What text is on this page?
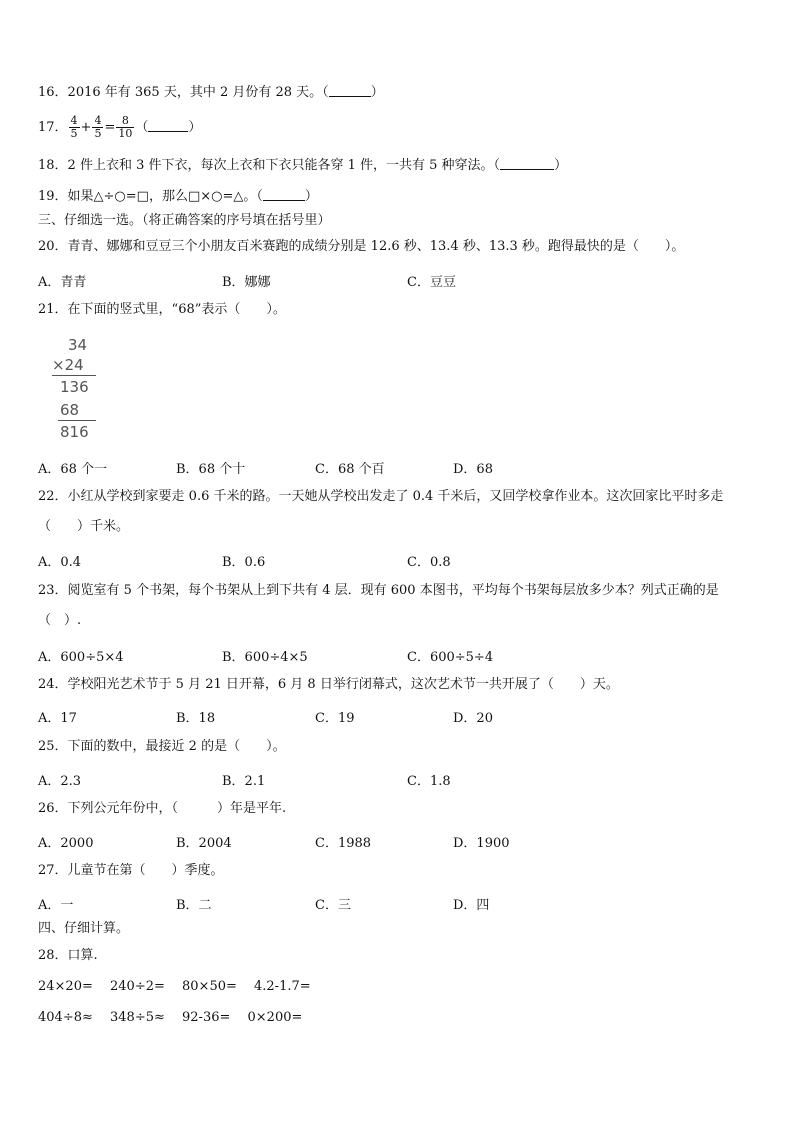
16．2016 年有 365 天，其中 2 月份有 28 天。（	）
17． $\frac{4}{5} + \frac{4}{5} = \frac{8}{10}$ （	）
18．2 件上衣和 3 件下衣，每次上衣和下衣只能各穿 1 件，一共有 5 种穿法。（	）
19．如果△÷○=□，那么□×○=△。（	）
三、仔细选一选。（将正确答案的序号填在括号里）
20．青青、娜娜和豆豆三个小朋友百米赛跑的成绩分别是 12.6 秒、13.4 秒、13.3 秒。跑得最快的是（　　）。
A．青青	B．娜娜	C．豆豆
21．在下面的竖式里，“68”表示（　　）。
34
×24
136
68
816
A．68 个一	B．68 个十	C．68 个百	D．68
22．小红从学校到家要走 0.6 千米的路。一天她从学校出发走了 0.4 千米后，又回学校拿作业本。这次回家比平时多走（　　）千米。
A．0.4	B．0.6	C．0.8
23．阅览室有 5 个书架，每个书架从上到下共有 4 层．现有 600 本图书，平均每个书架每层放多少本？列式正确的是（　）.
A．600÷5×4	B．600÷4×5	C．600÷5÷4
24．学校阳光艺术节于 5 月 21 日开幕，6 月 8 日举行闭幕式，这次艺术节一共开展了（　　）天。
A．17	B．18	C．19	D．20
25．下面的数中，最接近 2 的是（　　）。
A．2.3	B．2.1	C．1.8
26．下列公元年份中，（　　　）年是平年.
A．2000	B．2004	C．1988	D．1900
27．儿童节在第（　　）季度。
A．一	B．二	C．三	D．四
四、仔细计算。
28．口算.
24×20=　 240÷2=　 80×50=　 4.2-1.7=
404÷8≈　 348÷5≈　 92-36=　 0×200=
